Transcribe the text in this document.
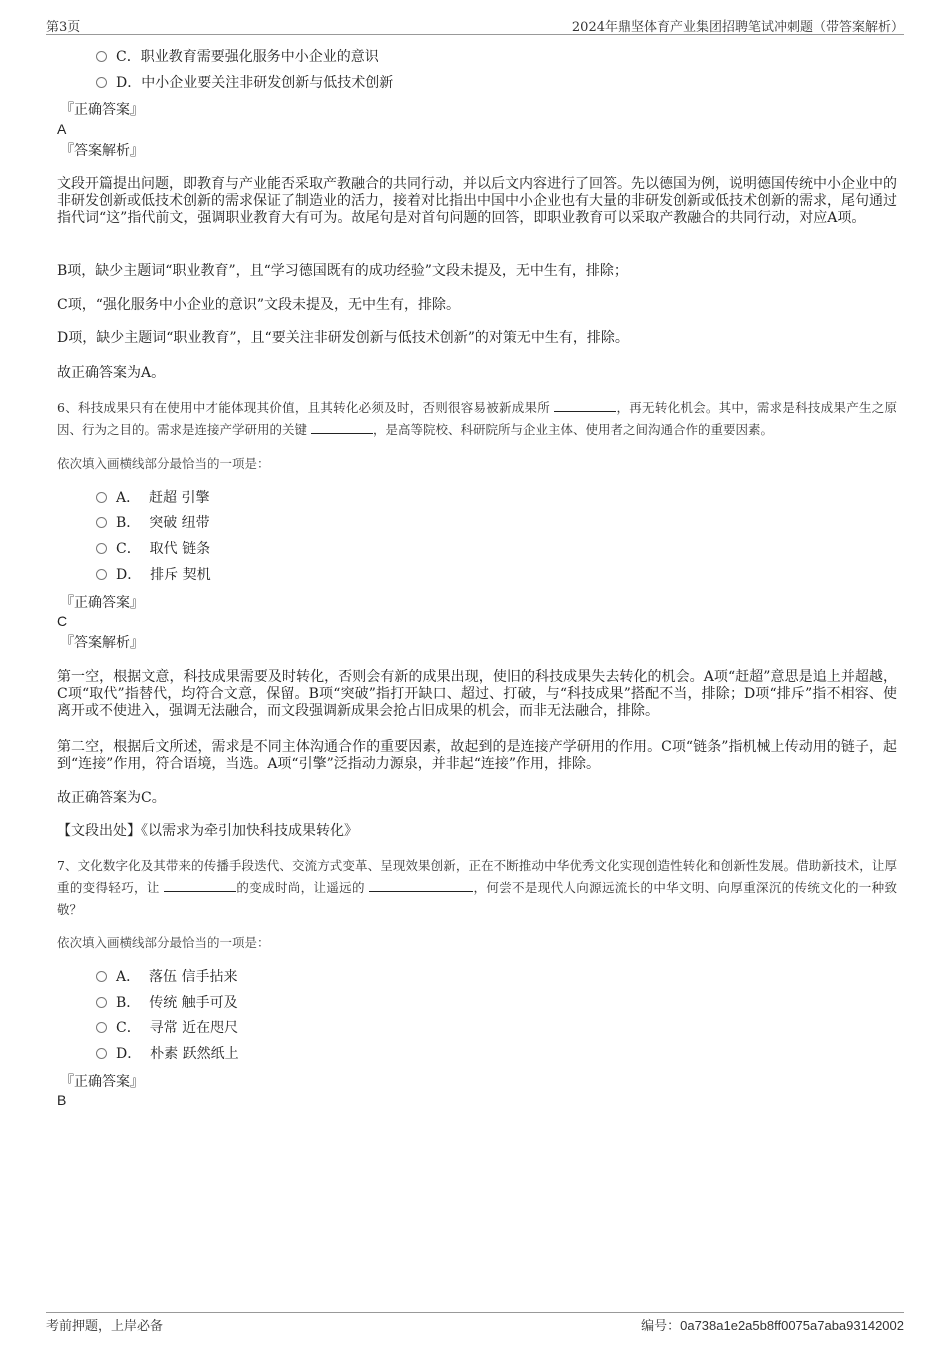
第3页	2024年鼎坚体育产业集团招聘笔试冲刺题（带答案解析）
C．职业教育需要强化服务中小企业的意识
D．中小企业要关注非研发创新与低技术创新
『正确答案』
A
『答案解析』
文段开篇提出问题，即教育与产业能否采取产教融合的共同行动，并以后文内容进行了回答。先以德国为例，说明德国传统中小企业中的非研发创新或低技术创新的需求保证了制造业的活力，接着对比指出中国中小企业也有大量的非研发创新或低技术创新的需求，尾句通过指代词“这”指代前文，强调职业教育大有可为。故尾句是对首句问题的回答，即职业教育可以采取产教融合的共同行动，对应A项。
B项，缺少主题词“职业教育”，且“学习德国既有的成功经验”文段未提及，无中生有，排除；
C项，“强化服务中小企业的意识”文段未提及，无中生有，排除。
D项，缺少主题词“职业教育”，且“要关注非研发创新与低技术创新”的对策无中生有，排除。
故正确答案为A。
6、科技成果只有在使用中才能体现其价值，且其转化必须及时，否则很容易被新成果所	，再无转化机会。其中，需求是科技成果产生之原因、行为之目的。需求是连接产学研用的关键	，是高等院校、科研院所与企业主体、使用者之间沟通合作的重要因素。
依次填入画横线部分最恰当的一项是：
A． 赶超 引擎
B． 突破 纽带
C． 取代 链条
D． 排斥 契机
『正确答案』
C
『答案解析』
第一空，根据文意，科技成果需要及时转化，否则会有新的成果出现，使旧的科技成果失去转化的机会。A项“赶超”意思是追上并超越，C项“取代”指替代，均符合文意，保留。B项“突破”指打开缺口、超过、打破，与“科技成果”搭配不当，排除；D项“排斥”指不相容、使离开或不使进入，强调无法融合，而文段强调新成果会抢占旧成果的机会，而非无法融合，排除。
第二空，根据后文所述，需求是不同主体沟通合作的重要因素，故起到的是连接产学研用的作用。C项“链条”指机械上传动用的链子，起到“连接”作用，符合语境，当选。A项“引擎”泛指动力源泉，并非起“连接”作用，排除。
故正确答案为C。
【文段出处】《以需求为牵引加快科技成果转化》
7、文化数字化及其带来的传播手段迭代、交流方式变革、呈现效果创新，正在不断推动中华优秀文化实现创造性转化和创新性发展。借助新技术，让厚重的变得轻巧，让	的变成时尚，让遥远的	，何尝不是现代人向源远流长的中华文明、向厚重深沉的传统文化的一种致敬？
依次填入画横线部分最恰当的一项是：
A． 落伍 信手拈来
B． 传统 触手可及
C． 寻常 近在咫尺
D． 朴素 跃然纸上
『正确答案』
B
考前押题，上岸必备	编号：0a738a1e2a5b8ff0075a7aba93142002
